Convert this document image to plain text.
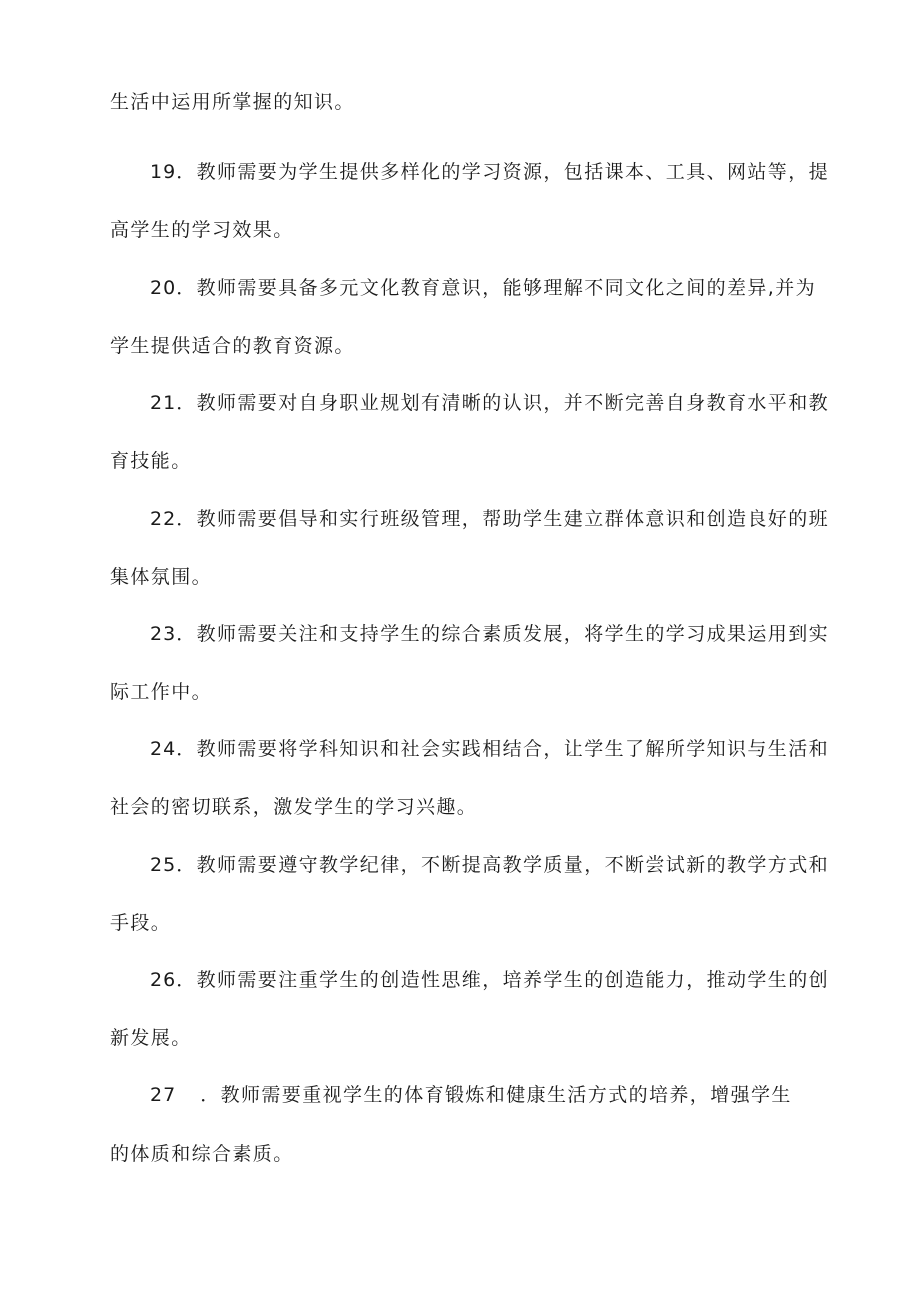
生活中运用所掌握的知识。
19．教师需要为学生提供多样化的学习资源，包括课本、工具、网站等，提
高学生的学习效果。
20．教师需要具备多元文化教育意识，能够理解不同文化之间的差异,并为
学生提供适合的教育资源。
21．教师需要对自身职业规划有清晰的认识，并不断完善自身教育水平和教
育技能。
22．教师需要倡导和实行班级管理，帮助学生建立群体意识和创造良好的班
集体氛围。
23．教师需要关注和支持学生的综合素质发展，将学生的学习成果运用到实
际工作中。
24．教师需要将学科知识和社会实践相结合，让学生了解所学知识与生活和
社会的密切联系，激发学生的学习兴趣。
25．教师需要遵守教学纪律，不断提高教学质量，不断尝试新的教学方式和
手段。
26．教师需要注重学生的创造性思维，培养学生的创造能力，推动学生的创
新发展。
27 ．教师需要重视学生的体育锻炼和健康生活方式的培养，增强学生
的体质和综合素质。
